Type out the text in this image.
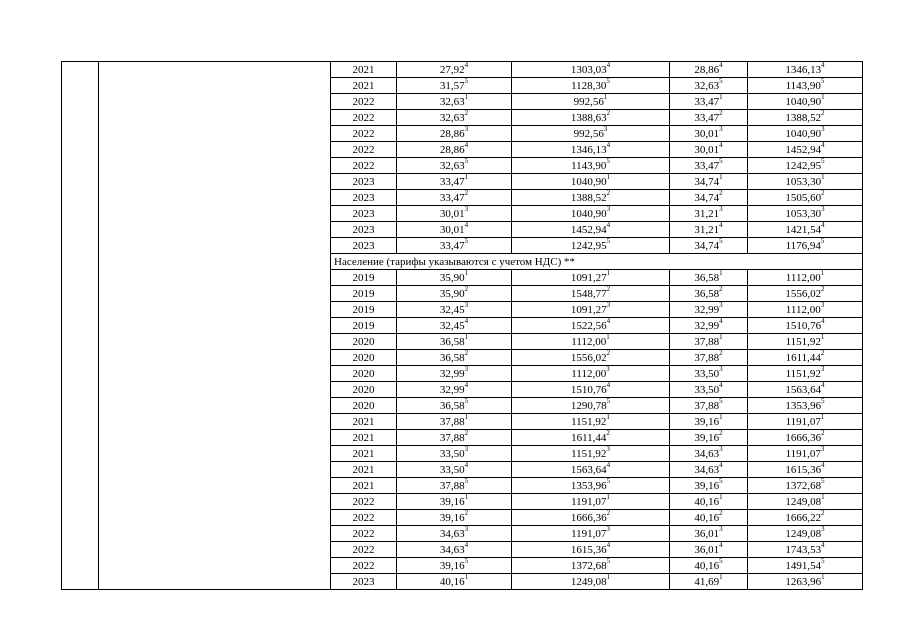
		2021	27,92$^4$	1303,03$^4$	28,86$^4$	1346,13$^4$
		2021	31,57$^5$	1128,30$^5$	32,63$^5$	1143,90$^5$
		2022	32,63$^1$	992,56$^1$	33,47$^1$	1040,90$^1$
		2022	32,63$^2$	1388,63$^2$	33,47$^2$	1388,52$^2$
		2022	28,86$^3$	992,56$^3$	30,01$^3$	1040,90$^3$
		2022	28,86$^4$	1346,13$^4$	30,01$^4$	1452,94$^4$
		2022	32,63$^5$	1143,90$^5$	33,47$^5$	1242,95$^5$
		2023	33,47$^1$	1040,90$^1$	34,74$^1$	1053,30$^1$
		2023	33,47$^2$	1388,52$^2$	34,74$^2$	1505,60$^2$
		2023	30,01$^3$	1040,90$^3$	31,21$^3$	1053,30$^3$
		2023	30,01$^4$	1452,94$^4$	31,21$^4$	1421,54$^4$
		2023	33,47$^5$	1242,95$^5$	34,74$^5$	1176,94$^5$
		Население (тарифы указываются с учетом НДС) **				
		2019	35,90$^1$	1091,27$^1$	36,58$^1$	1112,00$^1$
		2019	35,90$^2$	1548,77$^2$	36,58$^2$	1556,02$^2$
		2019	32,45$^3$	1091,27$^3$	32,99$^3$	1112,00$^3$
		2019	32,45$^4$	1522,56$^4$	32,99$^4$	1510,76$^4$
		2020	36,58$^1$	1112,00$^1$	37,88$^1$	1151,92$^1$
		2020	36,58$^2$	1556,02$^2$	37,88$^2$	1611,44$^2$
		2020	32,99$^3$	1112,00$^3$	33,50$^3$	1151,92$^3$
		2020	32,99$^4$	1510,76$^4$	33,50$^4$	1563,64$^4$
		2020	36,58$^5$	1290,78$^5$	37,88$^5$	1353,96$^5$
		2021	37,88$^1$	1151,92$^1$	39,16$^1$	1191,07$^1$
		2021	37,88$^2$	1611,44$^2$	39,16$^2$	1666,36$^2$
		2021	33,50$^3$	1151,92$^3$	34,63$^3$	1191,07$^3$
		2021	33,50$^4$	1563,64$^4$	34,63$^4$	1615,36$^4$
		2021	37,88$^5$	1353,96$^5$	39,16$^5$	1372,68$^5$
		2022	39,16$^1$	1191,07$^1$	40,16$^1$	1249,08$^1$
		2022	39,16$^2$	1666,36$^2$	40,16$^2$	1666,22$^2$
		2022	34,63$^3$	1191,07$^3$	36,01$^3$	1249,08$^3$
		2022	34,63$^4$	1615,36$^4$	36,01$^4$	1743,53$^4$
		2022	39,16$^5$	1372,68$^5$	40,16$^5$	1491,54$^5$
		2023	40,16$^1$	1249,08$^1$	41,69$^1$	1263,96$^1$
